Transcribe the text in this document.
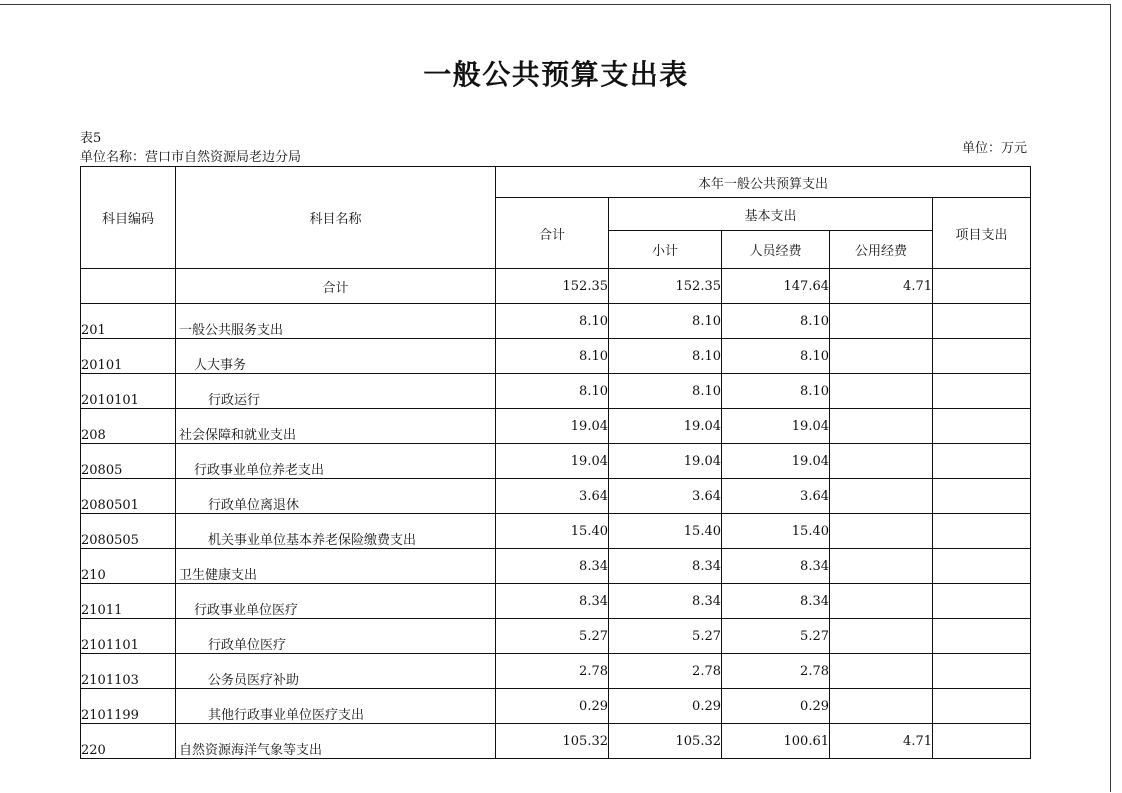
一般公共预算支出表
表5
单位名称：营口市自然资源局老边分局
单位：万元
科目编码	科目名称	本年一般公共预算支出				
		合计	基本支出			项目支出
			小计	人员经费	公用经费	
	合计	152.35	152.35	147.64	4.71	
201	一般公共服务支出	8.10	8.10	8.10		
20101	人大事务	8.10	8.10	8.10		
2010101	行政运行	8.10	8.10	8.10		
208	社会保障和就业支出	19.04	19.04	19.04		
20805	行政事业单位养老支出	19.04	19.04	19.04		
2080501	行政单位离退休	3.64	3.64	3.64		
2080505	机关事业单位基本养老保险缴费支出	15.40	15.40	15.40		
210	卫生健康支出	8.34	8.34	8.34		
21011	行政事业单位医疗	8.34	8.34	8.34		
2101101	行政单位医疗	5.27	5.27	5.27		
2101103	公务员医疗补助	2.78	2.78	2.78		
2101199	其他行政事业单位医疗支出	0.29	0.29	0.29		
220	自然资源海洋气象等支出	105.32	105.32	100.61	4.71	
